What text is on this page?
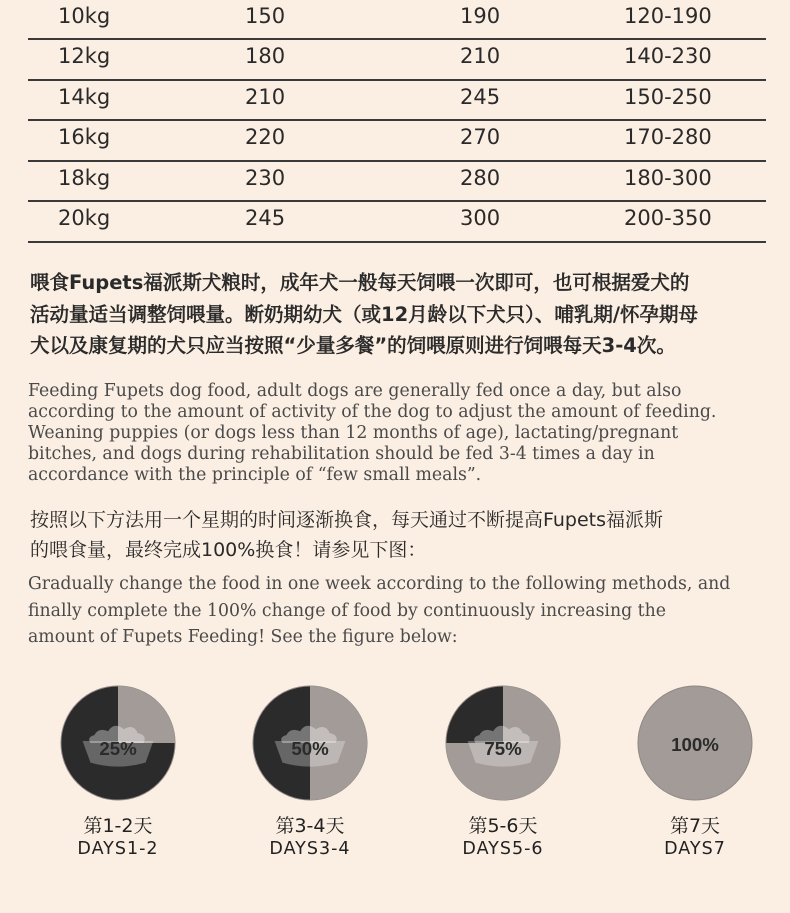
10kg	150	190	120-190
12kg	180	210	140-230
14kg	210	245	150-250
16kg	220	270	170-280
18kg	230	280	180-300
20kg	245	300	200-350
喂食Fupets福派斯犬粮时，成年犬一般每天饲喂一次即可，也可根据爱犬的
活动量适当调整饲喂量。断奶期幼犬（或12月龄以下犬只）、哺乳期/怀孕期母
犬以及康复期的犬只应当按照“少量多餐”的饲喂原则进行饲喂每天3-4次。
Feeding Fupets dog food, adult dogs are generally fed once a day, but also
according to the amount of activity of the dog to adjust the amount of feeding.
Weaning puppies (or dogs less than 12 months of age), lactating/pregnant
bitches, and dogs during rehabilitation should be fed 3-4 times a day in
accordance with the principle of “few small meals”.
按照以下方法用一个星期的时间逐渐换食，每天通过不断提高Fupets福派斯
的喂食量，最终完成100%换食！请参见下图：
Gradually change the food in one week according to the following methods, and
finally complete the 100% change of food by continuously increasing the
amount of Fupets Feeding! See the figure below:
25%
第1-2天
DAYS1-2
50%
第3-4天
DAYS3-4
75%
第5-6天
DAYS5-6
100%
第7天
DAYS7
